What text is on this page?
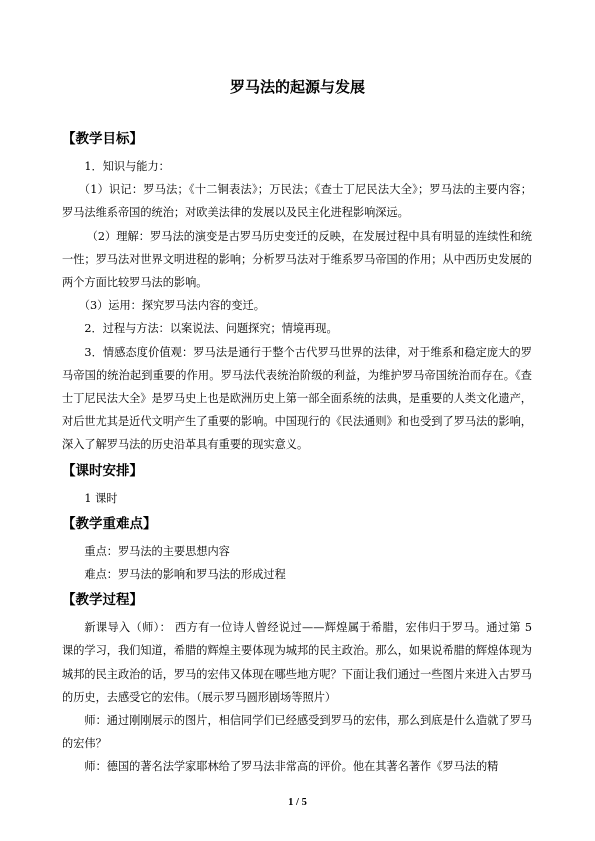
罗马法的起源与发展
【教学目标】

1．知识与能力：

（1）识记：罗马法；《十二铜表法》；万民法；《查士丁尼民法大全》；罗马法的主要内容；罗马法维系帝国的统治；对欧美法律的发展以及民主化进程影响深远。

（2）理解：罗马法的演变是古罗马历史变迁的反映，在发展过程中具有明显的连续性和统一性；罗马法对世界文明进程的影响；分析罗马法对于维系罗马帝国的作用；从中西历史发展的两个方面比较罗马法的影响。

（3）运用：探究罗马法内容的变迁。

2．过程与方法：以案说法、问题探究；情境再现。

3．情感态度价值观：罗马法是通行于整个古代罗马世界的法律，对于维系和稳定庞大的罗马帝国的统治起到重要的作用。罗马法代表统治阶级的利益，为维护罗马帝国统治而存在。《查士丁尼民法大全》是罗马史上也是欧洲历史上第一部全面系统的法典，是重要的人类文化遗产，对后世尤其是近代文明产生了重要的影响。中国现行的《民法通则》和也受到了罗马法的影响，深入了解罗马法的历史沿革具有重要的现实意义。

【课时安排】

1 课时

【教学重难点】

重点：罗马法的主要思想内容

难点：罗马法的影响和罗马法的形成过程

【教学过程】

新课导入（师）： 西方有一位诗人曾经说过——辉煌属于希腊，宏伟归于罗马。通过第 5 课的学习，我们知道，希腊的辉煌主要体现为城邦的民主政治。那么，如果说希腊的辉煌体现为城邦的民主政治的话，罗马的宏伟又体现在哪些地方呢？下面让我们通过一些图片来进入古罗马的历史，去感受它的宏伟。（展示罗马圆形剧场等照片）

师：通过刚刚展示的图片，相信同学们已经感受到罗马的宏伟，那么到底是什么造就了罗马的宏伟？

师：德国的著名法学家耶林给了罗马法非常高的评价。他在其著名著作《罗马法的精

1 / 5
